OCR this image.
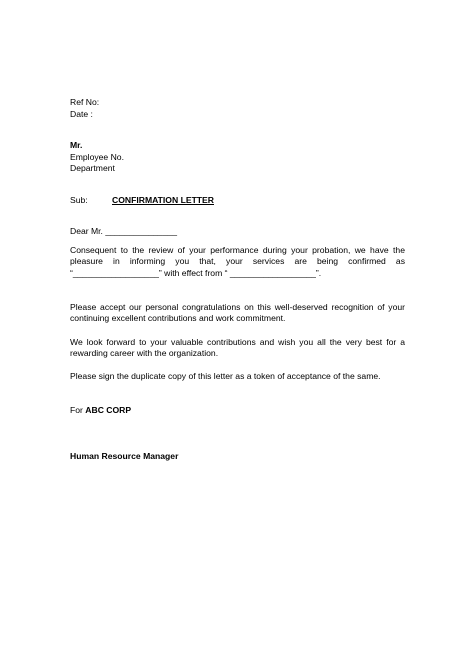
Ref No:
Date :
Mr.
Employee No.
Department
Sub:	CONFIRMATION LETTER
Dear Mr. _______________
Consequent to the review of your performance during your probation, we have the pleasure in informing you that, your services are being confirmed as “__________________” with effect from “ __________________”.
Please accept our personal congratulations on this well-deserved recognition of your continuing excellent contributions and work commitment.
We look forward to your valuable contributions and wish you all the very best for a rewarding career with the organization.
Please sign the duplicate copy of this letter as a token of acceptance of the same.
For ABC CORP
Human Resource Manager
